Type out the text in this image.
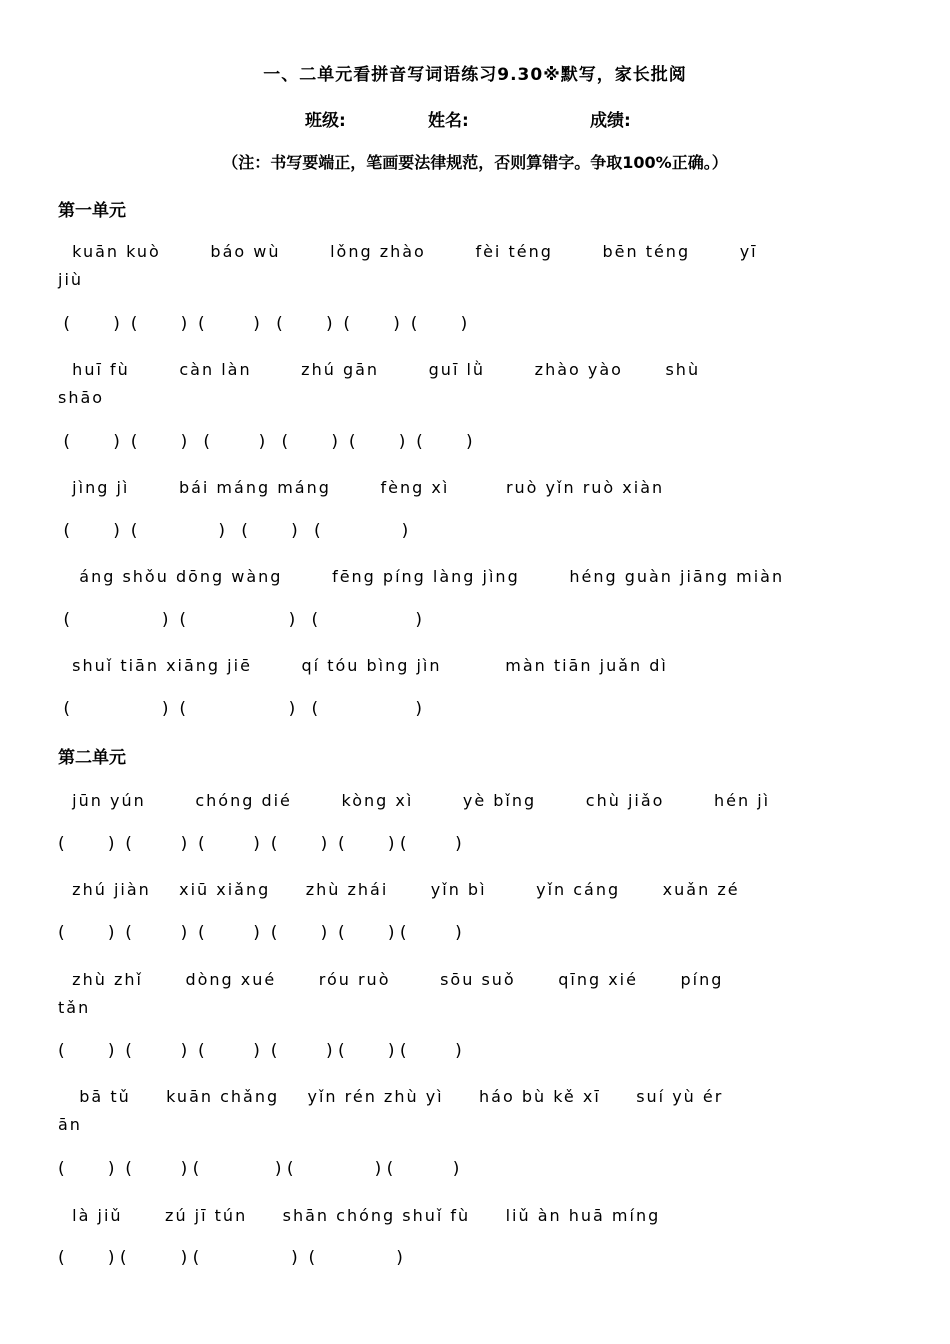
一、二单元看拼音写词语练习9.30※默写，家长批阅
班级:	姓名:	成绩:
（注：书写要端正，笔画要法律规范，否则算错字。争取100%正确。）
第一单元
kuān kuò       báo wù       lǒng zhào       fèi téng       bēn téng       yī
jiù
(        )  (        )  (         )   (        )  (        )  (        )
huī fù       càn làn       zhú gān       guī lǜ       zhào yào      shù
shāo
(        )  (        )   (         )   (        )  (        )  (        )
jìng jì       bái máng máng       fèng xì        ruò yǐn ruò xiàn
(        )  (               )   (        )   (               )
áng shǒu dōng wàng       fēng píng làng jìng       héng guàn jiāng miàn
(                 )  (                   )   (                  )
shuǐ tiān xiāng jiē       qí tóu bìng jìn         màn tiān juǎn dì
(                 )  (                   )   (                  )
第二单元
jūn yún       chóng dié       kòng xì       yè bǐng       chù jiǎo       hén jì
(        )  (         )  (         )  (        )  (        ) (         )
zhú jiàn    xiū xiǎng     zhù zhái      yǐn bì       yǐn cáng      xuǎn zé
(        )  (         )  (         )  (        )  (        ) (         )
zhù zhǐ      dòng xué      róu ruò       sōu suǒ      qīng xié      píng
tǎn
(        )  (         )  (         )  (         ) (        ) (         )
bā tǔ     kuān chǎng    yǐn rén zhù yì     háo bù kě xī     suí yù ér
ān
(        )  (         ) (              ) (               ) (           )
là jiǔ      zú jī tún     shān chóng shuǐ fù     liǔ àn huā míng
(        ) (          ) (                 )  (               )
